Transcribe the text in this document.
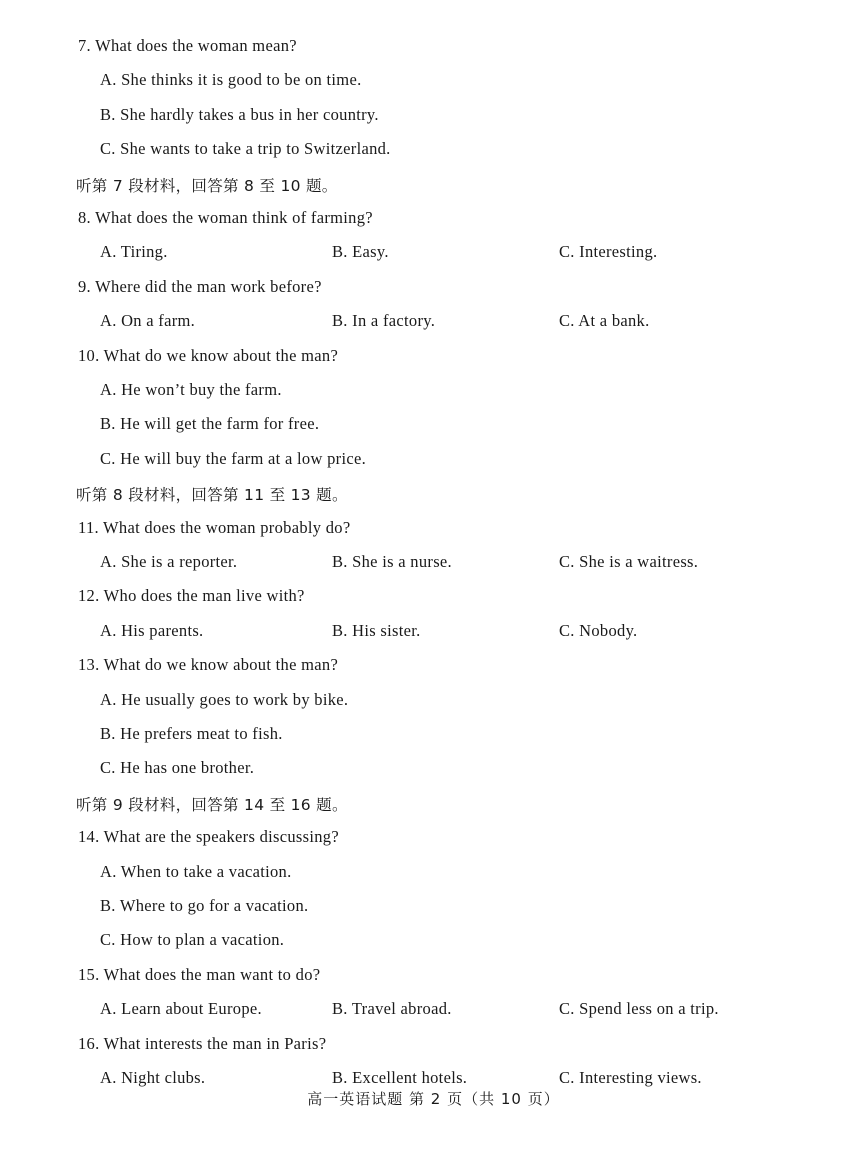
7. What does the woman mean?
A. She thinks it is good to be on time.
B. She hardly takes a bus in her country.
C. She wants to take a trip to Switzerland.
听第 7 段材料，回答第 8 至 10 题。
8. What does the woman think of farming?
A. Tiring.	B. Easy.	C. Interesting.
9. Where did the man work before?
A. On a farm.	B. In a factory.	C. At a bank.
10. What do we know about the man?
A. He won’t buy the farm.
B. He will get the farm for free.
C. He will buy the farm at a low price.
听第 8 段材料，回答第 11 至 13 题。
11. What does the woman probably do?
A. She is a reporter.	B. She is a nurse.	C. She is a waitress.
12. Who does the man live with?
A. His parents.	B. His sister.	C. Nobody.
13. What do we know about the man?
A. He usually goes to work by bike.
B. He prefers meat to fish.
C. He has one brother.
听第 9 段材料，回答第 14 至 16 题。
14. What are the speakers discussing?
A. When to take a vacation.
B. Where to go for a vacation.
C. How to plan a vacation.
15. What does the man want to do?
A. Learn about Europe.	B. Travel abroad.	C. Spend less on a trip.
16. What interests the man in Paris?
A. Night clubs.	B. Excellent hotels.	C. Interesting views.
高一英语试题 第 2 页（共 10 页）
